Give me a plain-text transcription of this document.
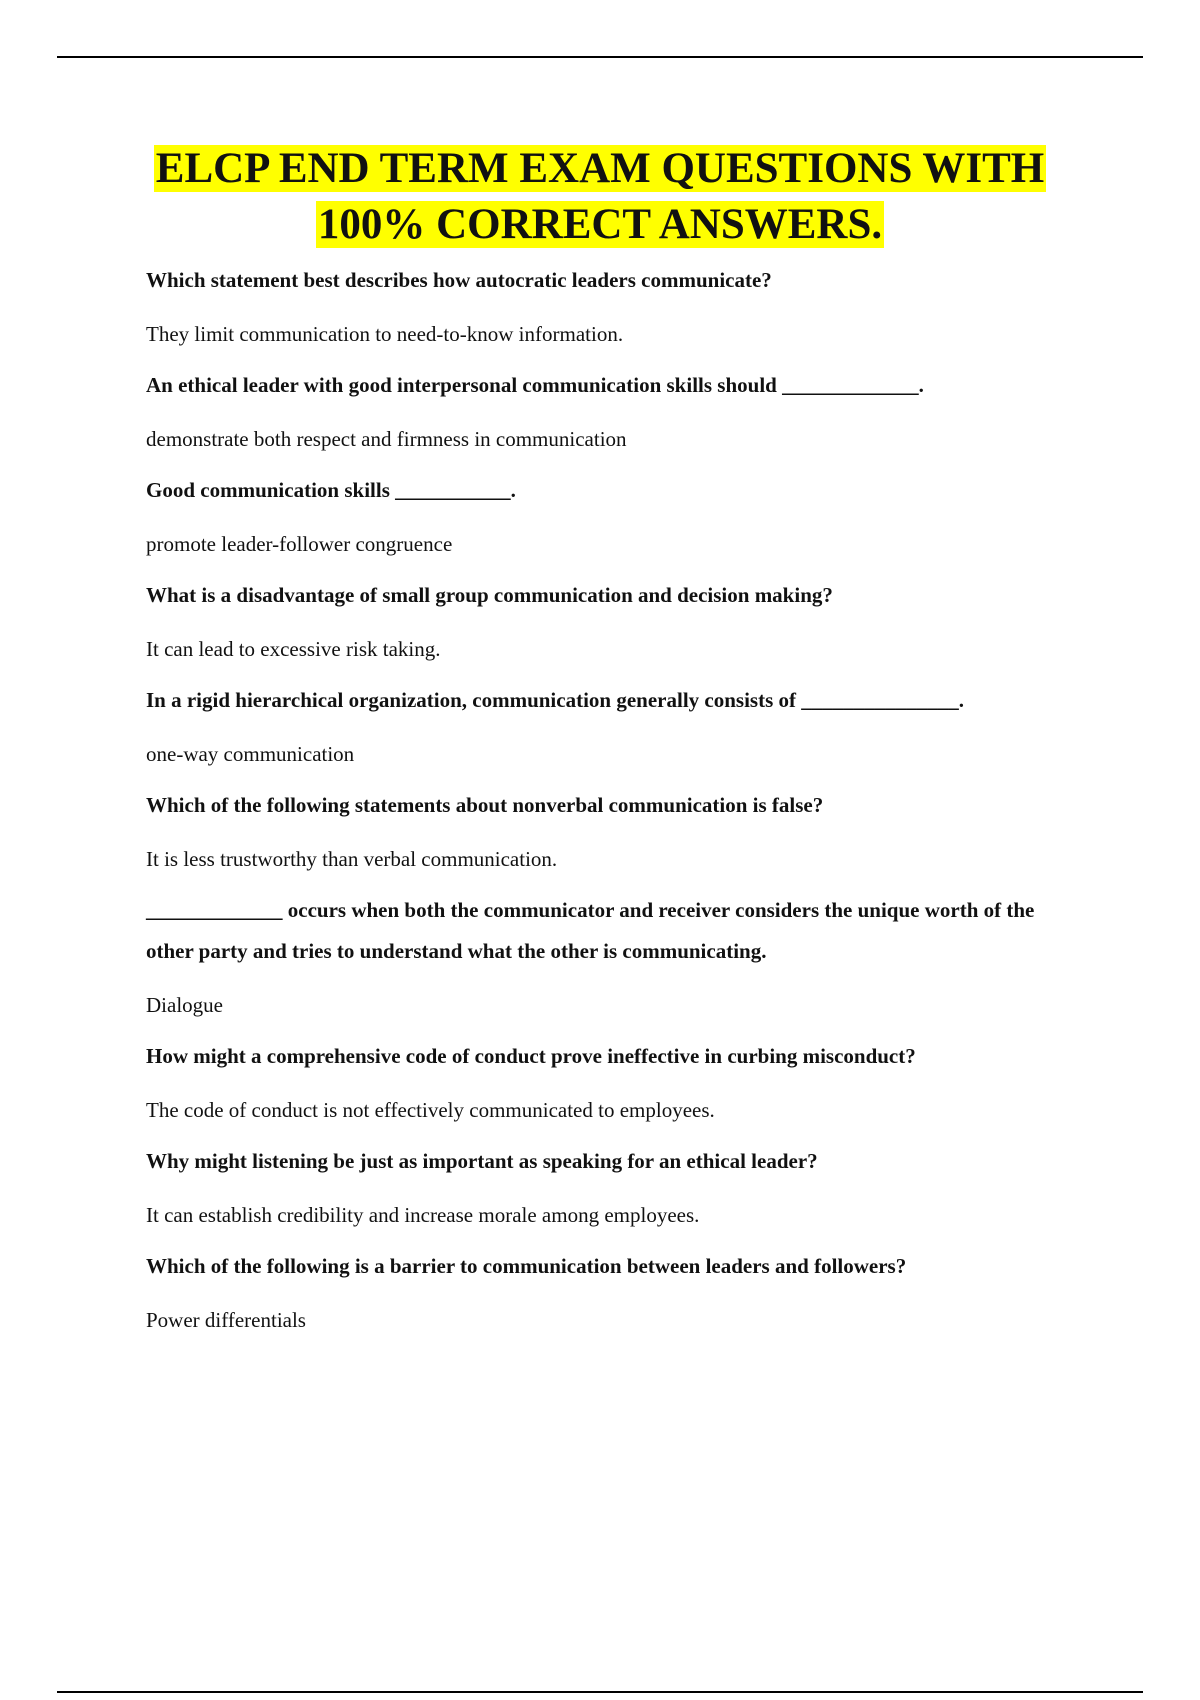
ELCP END TERM EXAM QUESTIONS WITH
100% CORRECT ANSWERS.

Which statement best describes how autocratic leaders communicate?

They limit communication to need-to-know information.

An ethical leader with good interpersonal communication skills should _____________.

demonstrate both respect and firmness in communication

Good communication skills ___________.

promote leader-follower congruence

What is a disadvantage of small group communication and decision making?

It can lead to excessive risk taking.

In a rigid hierarchical organization, communication generally consists of _______________.

one-way communication

Which of the following statements about nonverbal communication is false?

It is less trustworthy than verbal communication.

_____________ occurs when both the communicator and receiver considers the unique worth of the other party and tries to understand what the other is communicating.

Dialogue

How might a comprehensive code of conduct prove ineffective in curbing misconduct?

The code of conduct is not effectively communicated to employees.

Why might listening be just as important as speaking for an ethical leader?

It can establish credibility and increase morale among employees.

Which of the following is a barrier to communication between leaders and followers?

Power differentials
